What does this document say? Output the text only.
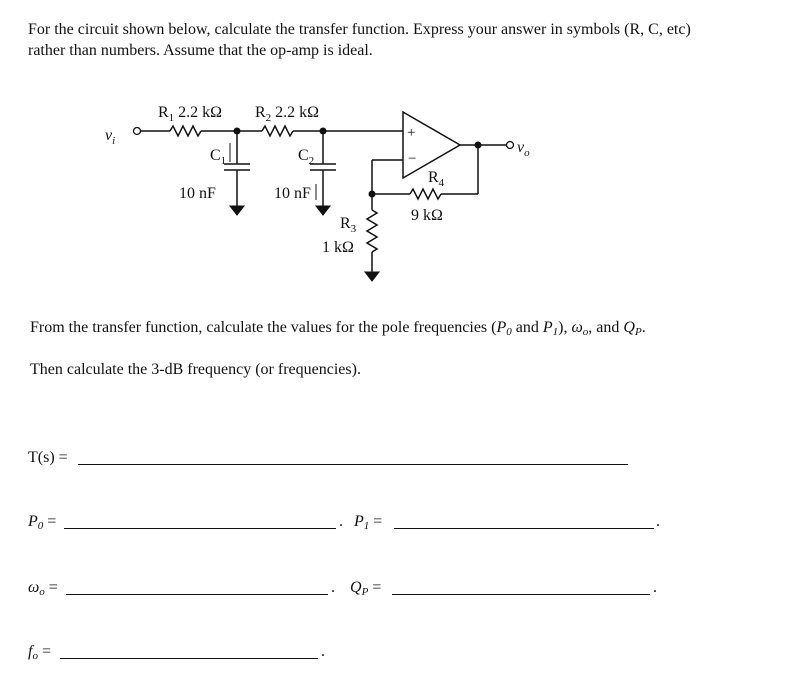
For the circuit shown below, calculate the transfer function. Express your answer in symbols (R, C, etc)
rather than numbers. Assume that the op-amp is ideal.
$v_i$
$R_1$ 2.2 kΩ
$C_1$
10 nF
$R_2$ 2.2 kΩ
$C_2$
10 nF
+
−
$v_o$
$R_4$
9 kΩ
$R_3$
1 kΩ
From the transfer function, calculate the values for the pole frequencies ($P_0$ and $P_1$), $\omega_o$, and $Q_P$.
Then calculate the 3-dB frequency (or frequencies).
T(s) =
$P_0$ =	. $P_1$ =	.
$\omega_o$ =	. $Q_P$ =	.
$f_o$ =	.
